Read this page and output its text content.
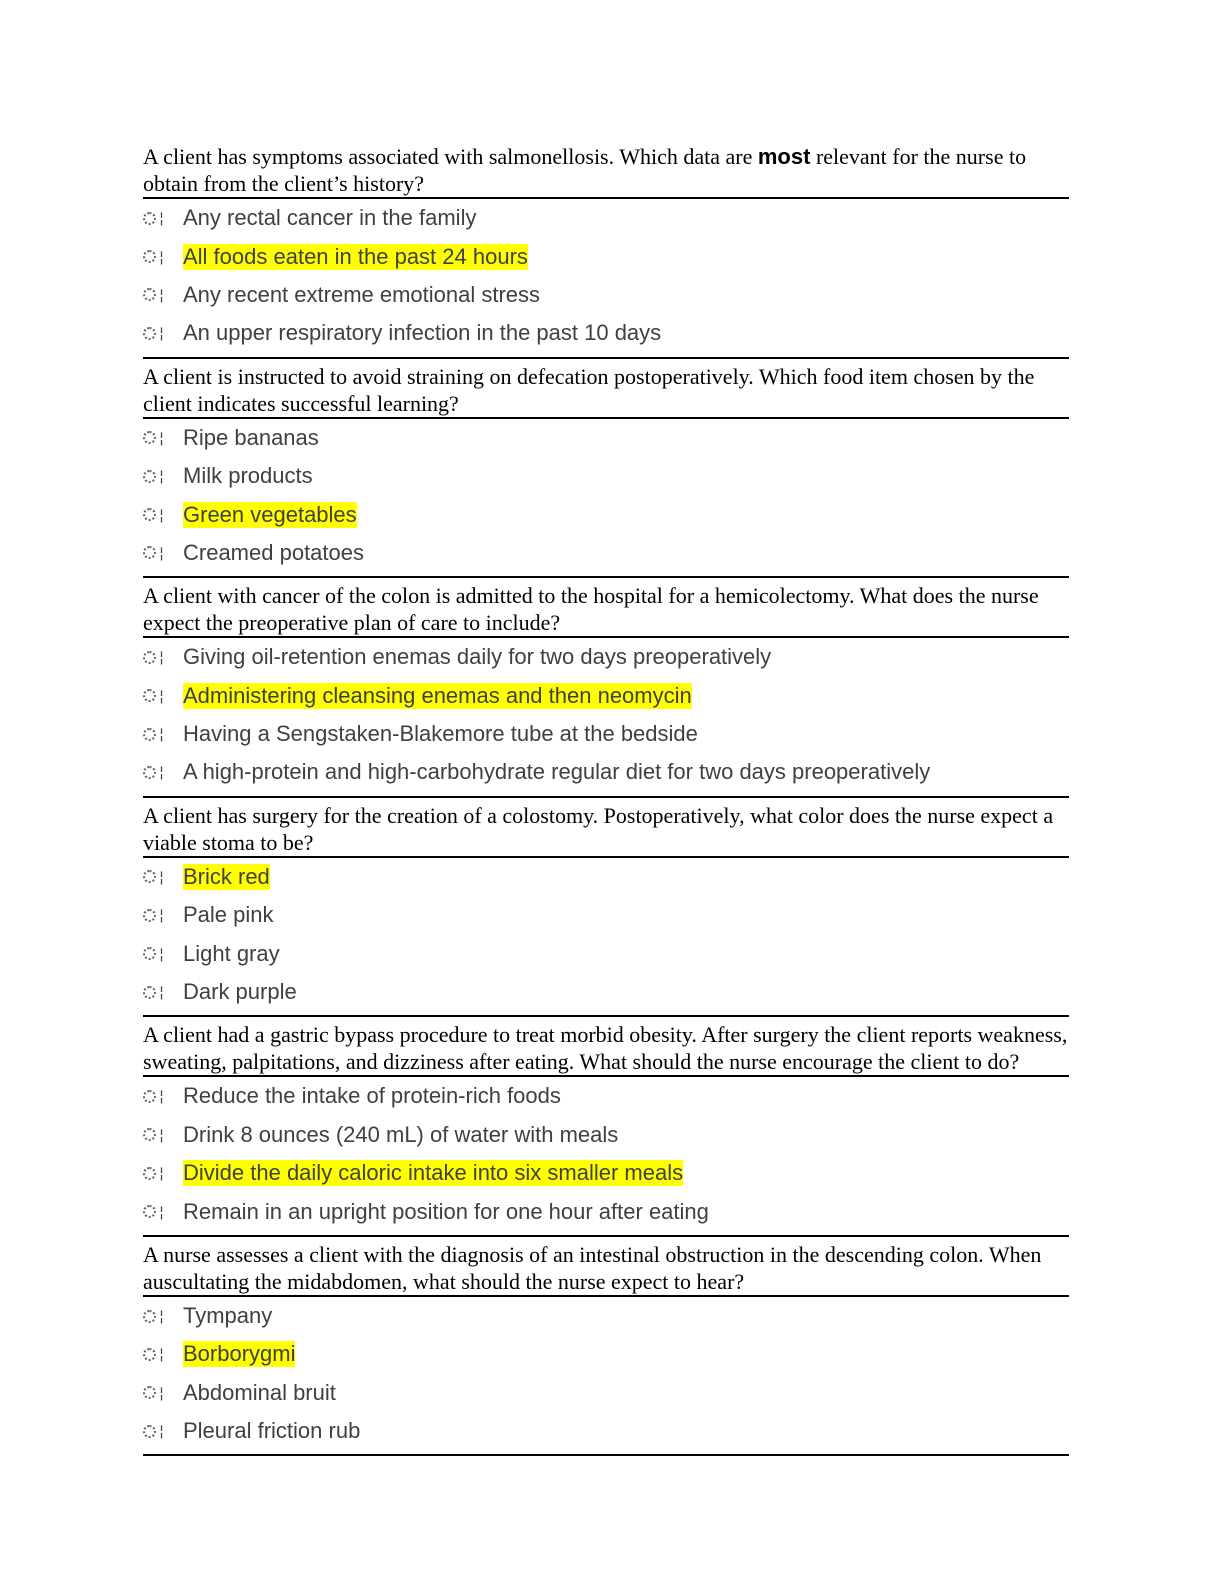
A client has symptoms associated with salmonellosis. Which data are most relevant for the nurse to obtain from the client’s history?
¦ Any rectal cancer in the family
¦ All foods eaten in the past 24 hours
¦ Any recent extreme emotional stress
¦ An upper respiratory infection in the past 10 days
A client is instructed to avoid straining on defecation postoperatively. Which food item chosen by the client indicates successful learning?
¦ Ripe bananas
¦ Milk products
¦ Green vegetables
¦ Creamed potatoes
A client with cancer of the colon is admitted to the hospital for a hemicolectomy. What does the nurse expect the preoperative plan of care to include?
¦ Giving oil-retention enemas daily for two days preoperatively
¦ Administering cleansing enemas and then neomycin
¦ Having a Sengstaken-Blakemore tube at the bedside
¦ A high-protein and high-carbohydrate regular diet for two days preoperatively
A client has surgery for the creation of a colostomy. Postoperatively, what color does the nurse expect a viable stoma to be?
¦ Brick red
¦ Pale pink
¦ Light gray
¦ Dark purple
A client had a gastric bypass procedure to treat morbid obesity. After surgery the client reports weakness, sweating, palpitations, and dizziness after eating. What should the nurse encourage the client to do?
¦ Reduce the intake of protein-rich foods
¦ Drink 8 ounces (240 mL) of water with meals
¦ Divide the daily caloric intake into six smaller meals
¦ Remain in an upright position for one hour after eating
A nurse assesses a client with the diagnosis of an intestinal obstruction in the descending colon. When auscultating the midabdomen, what should the nurse expect to hear?
¦ Tympany
¦ Borborygmi
¦ Abdominal bruit
¦ Pleural friction rub
